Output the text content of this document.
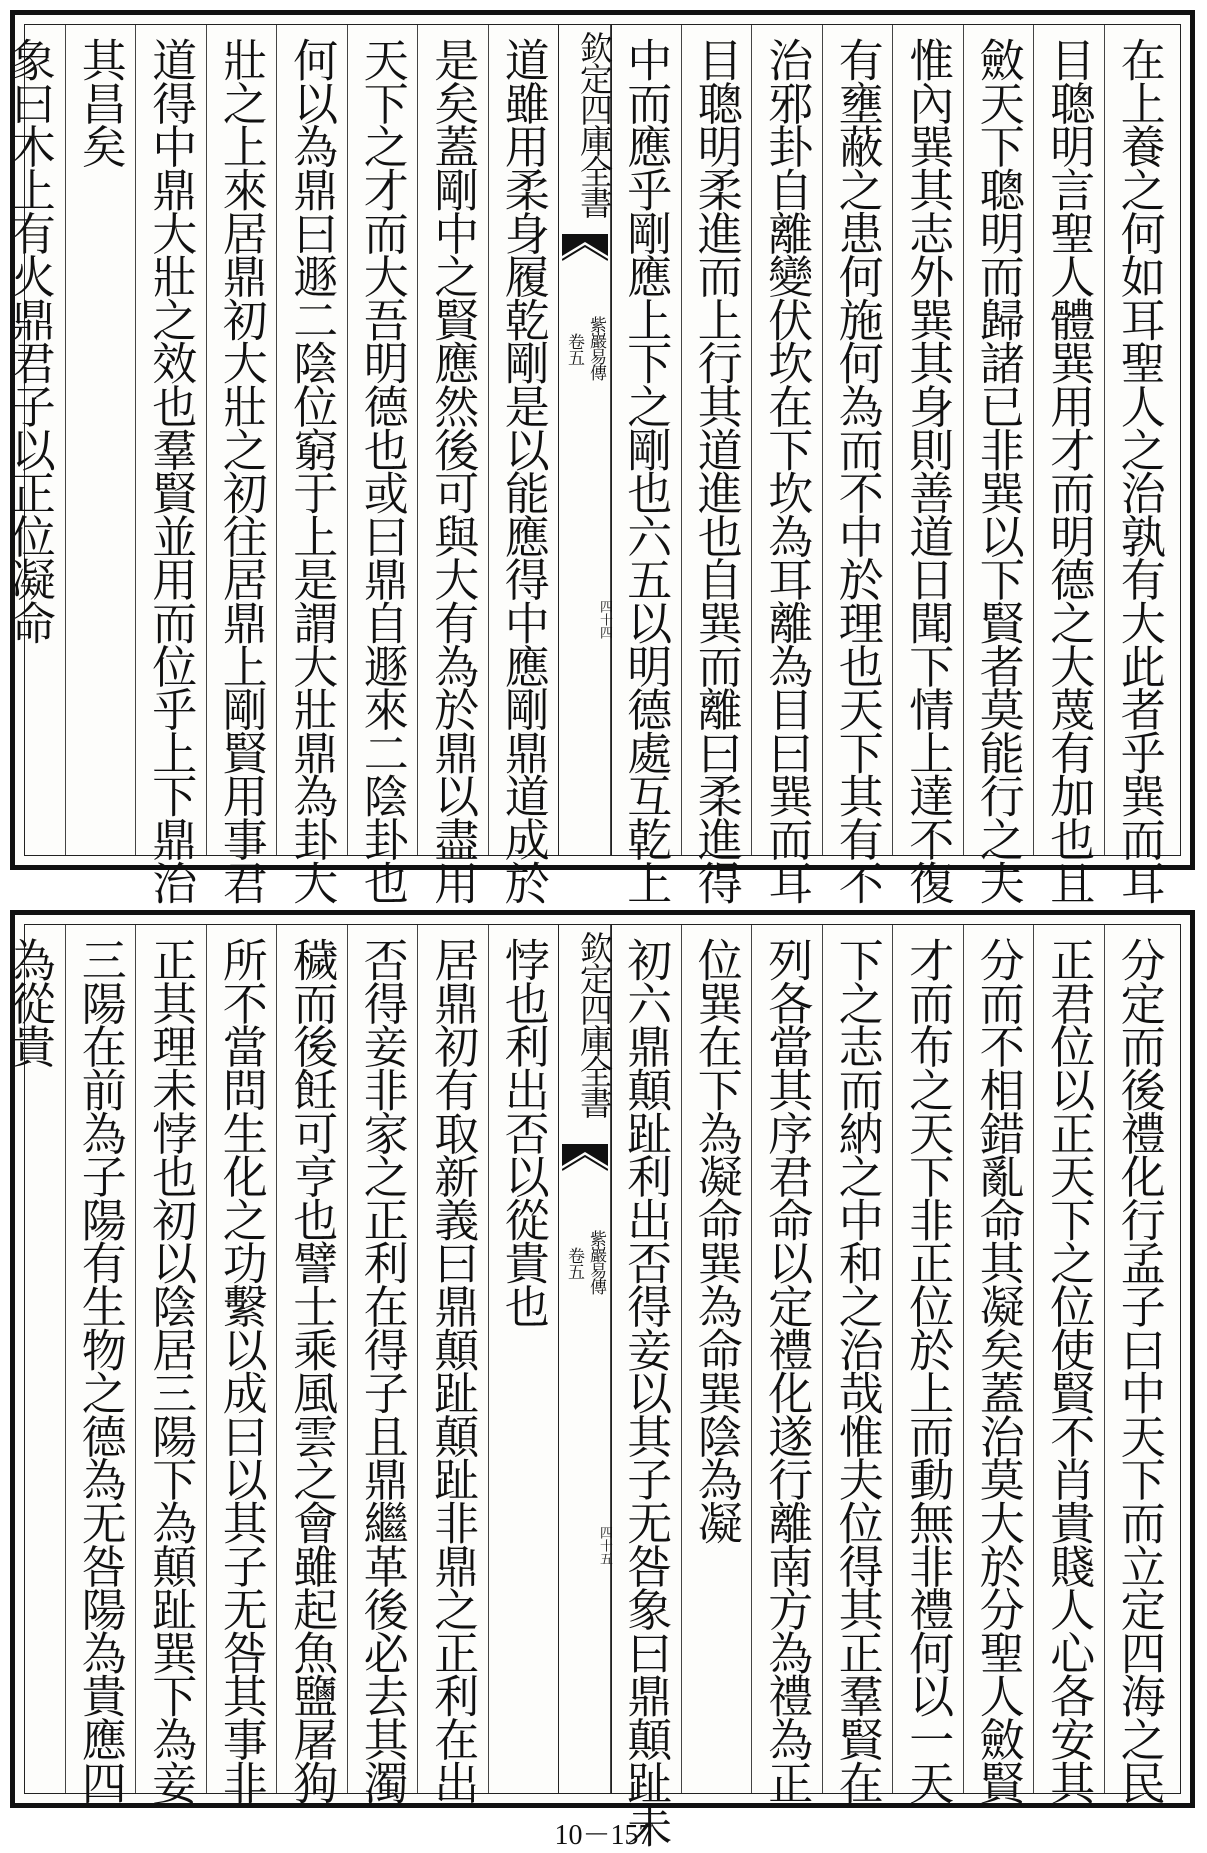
在上養之何如耳聖人之治孰有大此者乎巽而耳
目聰明言聖人體巽用才而明德之大蔑有加也且
斂天下聰明而歸諸已非巽以下賢者莫能行之夫
惟內巽其志外巽其身則善道日聞下情上達不復
有壅蔽之患何施何為而不中於理也天下其有不
治邪卦自離變伏坎在下坎為耳離為目曰巽而耳
目聰明柔進而上行其道進也自巽而離曰柔進得
中而應乎剛應上下之剛也六五以明德處互乾上
道雖用柔身履乾剛是以能應得中應剛鼎道成於
是矣蓋剛中之賢應然後可與大有為於鼎以盡用
天下之才而大吾明德也或曰鼎自遯來二陰卦也
何以為鼎曰遯二陰位窮于上是謂大壯鼎為卦大
壯之上來居鼎初大壯之初往居鼎上剛賢用事君
道得中鼎大壯之效也羣賢並用而位乎上下鼎治
其昌矣
象曰木上有火鼎君子以正位凝命	欽定四庫全書
紫巖易傳
卷五
四十四
分定而後禮化行孟子曰中天下而立定四海之民
正君位以正天下之位使賢不肖貴賤人心各安其
分而不相錯亂命其凝矣蓋治莫大於分聖人斂賢
才而布之天下非正位於上而動無非禮何以一天
下之志而納之中和之治哉惟夫位得其正羣賢在
列各當其序君命以定禮化遂行離南方為禮為正
位巽在下為凝命巽為命巽陰為凝
初六鼎顛趾利出否得妾以其子无咎象曰鼎顛趾未
悖也利出否以從貴也
居鼎初有取新義曰鼎顛趾顛趾非鼎之正利在出
否得妾非家之正利在得子且鼎繼革後必去其濁
穢而後飪可亨也譬士乘風雲之會雖起魚鹽屠狗
所不當問生化之功繫以成曰以其子无咎其事非
正其理未悖也初以陰居三陽下為顛趾巽下為妾
三陽在前為子陽有生物之德為无咎陽為貴應四
為從貴	欽定四庫全書
紫巖易傳
卷五
四十五
10－157
